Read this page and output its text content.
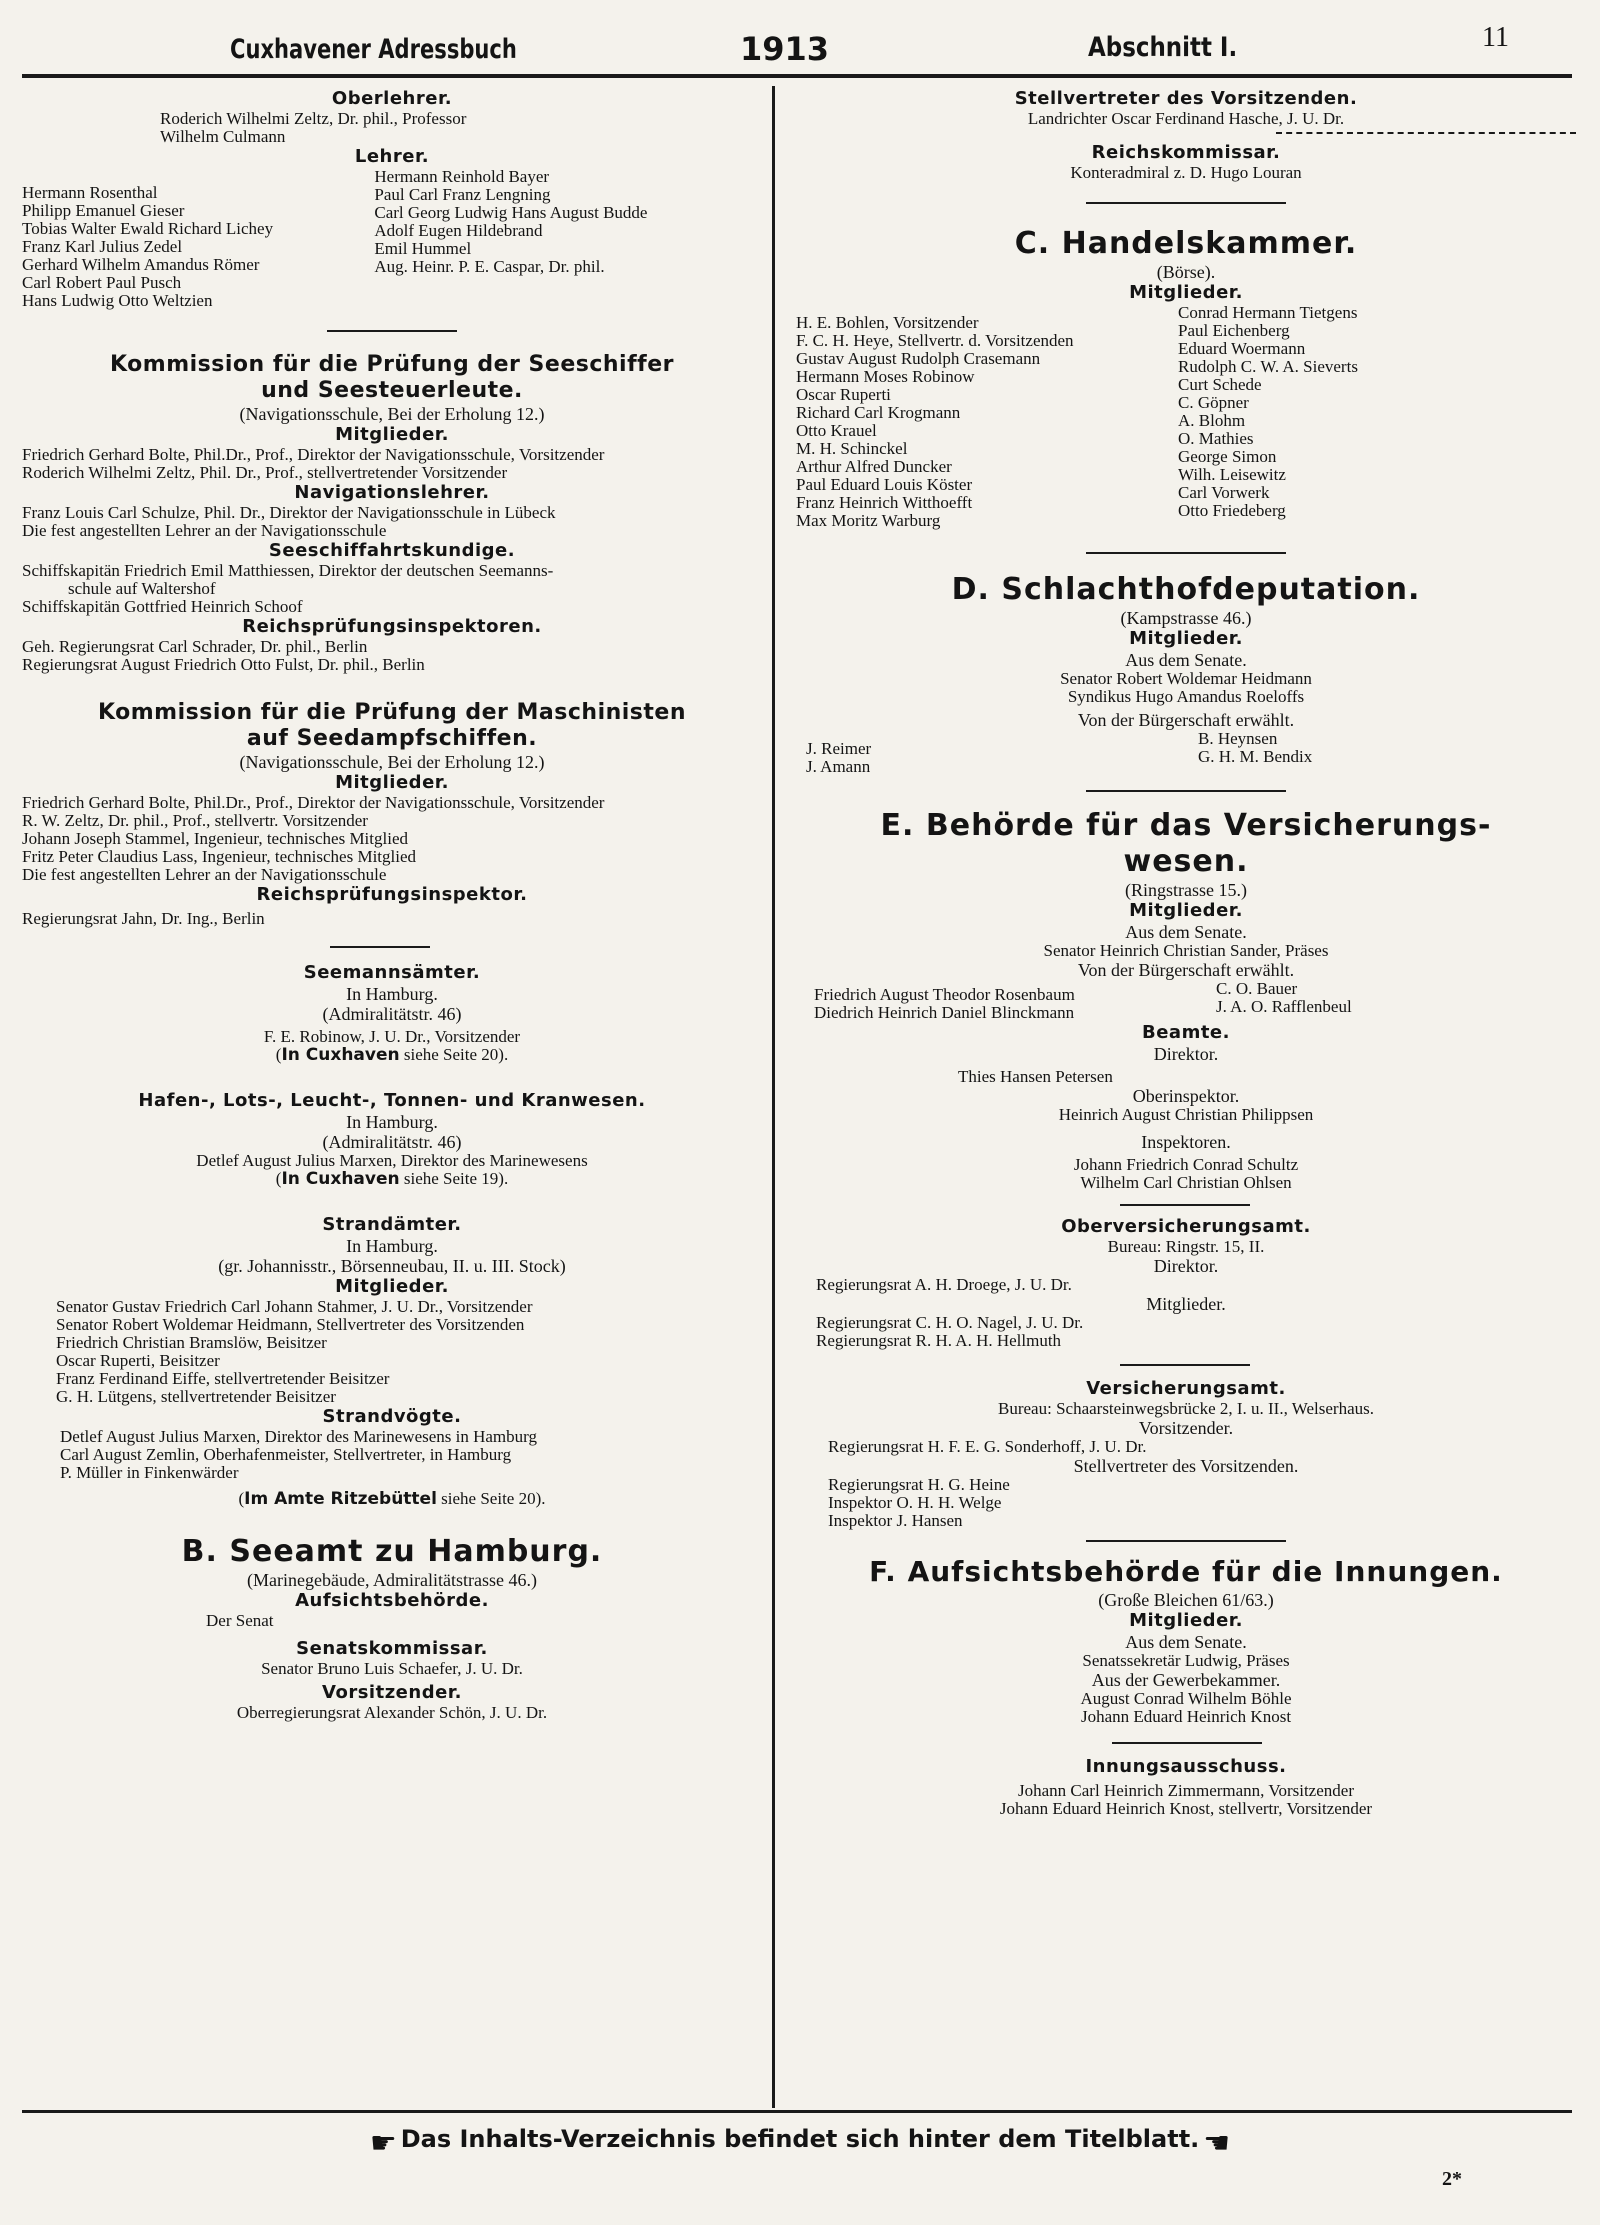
Cuxhavener Adressbuch	1913	Abschnitt I.	11
Oberlehrer.
Roderich Wilhelmi Zeltz, Dr. phil., Professor
Wilhelm Culmann
Lehrer.
Hermann Rosenthal
Philipp Emanuel Gieser
Tobias Walter Ewald Richard Lichey
Franz Karl Julius Zedel
Gerhard Wilhelm Amandus Römer
Carl Robert Paul Pusch
Hans Ludwig Otto Weltzien
Hermann Reinhold Bayer
Paul Carl Franz Lengning
Carl Georg Ludwig Hans August Budde
Adolf Eugen Hildebrand
Emil Hummel
Aug. Heinr. P. E. Caspar, Dr. phil.
Kommission für die Prüfung der Seeschiffer
und Seesteuerleute.
(Navigationsschule, Bei der Erholung 12.)
Mitglieder.
Friedrich Gerhard Bolte, Phil.Dr., Prof., Direktor der Navigationsschule, Vorsitzender
Roderich Wilhelmi Zeltz, Phil. Dr., Prof., stellvertretender Vorsitzender
Navigationslehrer.
Franz Louis Carl Schulze, Phil. Dr., Direktor der Navigationsschule in Lübeck
Die fest angestellten Lehrer an der Navigationsschule
Seeschiffahrtskundige.
Schiffskapitän Friedrich Emil Matthiessen, Direktor der deutschen Seemanns-
schule auf Waltershof
Schiffskapitän Gottfried Heinrich Schoof
Reichsprüfungsinspektoren.
Geh. Regierungsrat Carl Schrader, Dr. phil., Berlin
Regierungsrat August Friedrich Otto Fulst, Dr. phil., Berlin
Kommission für die Prüfung der Maschinisten
auf Seedampfschiffen.
(Navigationsschule, Bei der Erholung 12.)
Mitglieder.
Friedrich Gerhard Bolte, Phil.Dr., Prof., Direktor der Navigationsschule, Vorsitzender
R. W. Zeltz, Dr. phil., Prof., stellvertr. Vorsitzender
Johann Joseph Stammel, Ingenieur, technisches Mitglied
Fritz Peter Claudius Lass, Ingenieur, technisches Mitglied
Die fest angestellten Lehrer an der Navigationsschule
Reichsprüfungsinspektor.
Regierungsrat Jahn, Dr. Ing., Berlin
Seemannsämter.
In Hamburg.
(Admiralitätstr. 46)
F. E. Robinow, J. U. Dr., Vorsitzender
(In Cuxhaven siehe Seite 20).
Hafen-, Lots-, Leucht-, Tonnen- und Kranwesen.
In Hamburg.
(Admiralitätstr. 46)
Detlef August Julius Marxen, Direktor des Marinewesens
(In Cuxhaven siehe Seite 19).
Strandämter.
In Hamburg.
(gr. Johannisstr., Börsenneubau, II. u. III. Stock)
Mitglieder.
Senator Gustav Friedrich Carl Johann Stahmer, J. U. Dr., Vorsitzender
Senator Robert Woldemar Heidmann, Stellvertreter des Vorsitzenden
Friedrich Christian Bramslöw, Beisitzer
Oscar Ruperti, Beisitzer
Franz Ferdinand Eiffe, stellvertretender Beisitzer
G. H. Lütgens, stellvertretender Beisitzer
Strandvögte.
Detlef August Julius Marxen, Direktor des Marinewesens in Hamburg
Carl August Zemlin, Oberhafenmeister, Stellvertreter, in Hamburg
P. Müller in Finkenwärder
(Im Amte Ritzebüttel siehe Seite 20).
B. Seeamt zu Hamburg.
(Marinegebäude, Admiralitätstrasse 46.)
Aufsichtsbehörde.
Der Senat
Senatskommissar.
Senator Bruno Luis Schaefer, J. U. Dr.
Vorsitzender.
Oberregierungsrat Alexander Schön, J. U. Dr.
Stellvertreter des Vorsitzenden.
Landrichter Oscar Ferdinand Hasche, J. U. Dr.
Reichskommissar.
Konteradmiral z. D. Hugo Louran
C. Handelskammer.
(Börse).
Mitglieder.
H. E. Bohlen, Vorsitzender
F. C. H. Heye, Stellvertr. d. Vorsitzenden
Gustav August Rudolph Crasemann
Hermann Moses Robinow
Oscar Ruperti
Richard Carl Krogmann
Otto Krauel
M. H. Schinckel
Arthur Alfred Duncker
Paul Eduard Louis Köster
Franz Heinrich Witthoefft
Max Moritz Warburg
Conrad Hermann Tietgens
Paul Eichenberg
Eduard Woermann
Rudolph C. W. A. Sieverts
Curt Schede
C. Göpner
A. Blohm
O. Mathies
George Simon
Wilh. Leisewitz
Carl Vorwerk
Otto Friedeberg
D. Schlachthofdeputation.
(Kampstrasse 46.)
Mitglieder.
Aus dem Senate.
Senator Robert Woldemar Heidmann
Syndikus Hugo Amandus Roeloffs
Von der Bürgerschaft erwählt.
J. Reimer
J. Amann
B. Heynsen
G. H. M. Bendix
E. Behörde für das Versicherungs-
wesen.
(Ringstrasse 15.)
Mitglieder.
Aus dem Senate.
Senator Heinrich Christian Sander, Präses
Von der Bürgerschaft erwählt.
Friedrich August Theodor Rosenbaum
Diedrich Heinrich Daniel Blinckmann
C. O. Bauer
J. A. O. Rafflenbeul
Beamte.
Direktor.
Thies Hansen Petersen
Oberinspektor.
Heinrich August Christian Philippsen
Inspektoren.
Johann Friedrich Conrad Schultz
Wilhelm Carl Christian Ohlsen
Oberversicherungsamt.
Bureau: Ringstr. 15, II.
Direktor.
Regierungsrat A. H. Droege, J. U. Dr.
Mitglieder.
Regierungsrat C. H. O. Nagel, J. U. Dr.
Regierungsrat R. H. A. H. Hellmuth
Versicherungsamt.
Bureau: Schaarsteinwegsbrücke 2, I. u. II., Welserhaus.
Vorsitzender.
Regierungsrat H. F. E. G. Sonderhoff, J. U. Dr.
Stellvertreter des Vorsitzenden.
Regierungsrat H. G. Heine
Inspektor O. H. H. Welge
Inspektor J. Hansen
F. Aufsichtsbehörde für die Innungen.
(Große Bleichen 61/63.)
Mitglieder.
Aus dem Senate.
Senatssekretär Ludwig, Präses
Aus der Gewerbekammer.
August Conrad Wilhelm Böhle
Johann Eduard Heinrich Knost
Innungsausschuss.
Johann Carl Heinrich Zimmermann, Vorsitzender
Johann Eduard Heinrich Knost, stellvertr, Vorsitzender
☛ Das Inhalts-Verzeichnis befindet sich hinter dem Titelblatt. ☚
2*
